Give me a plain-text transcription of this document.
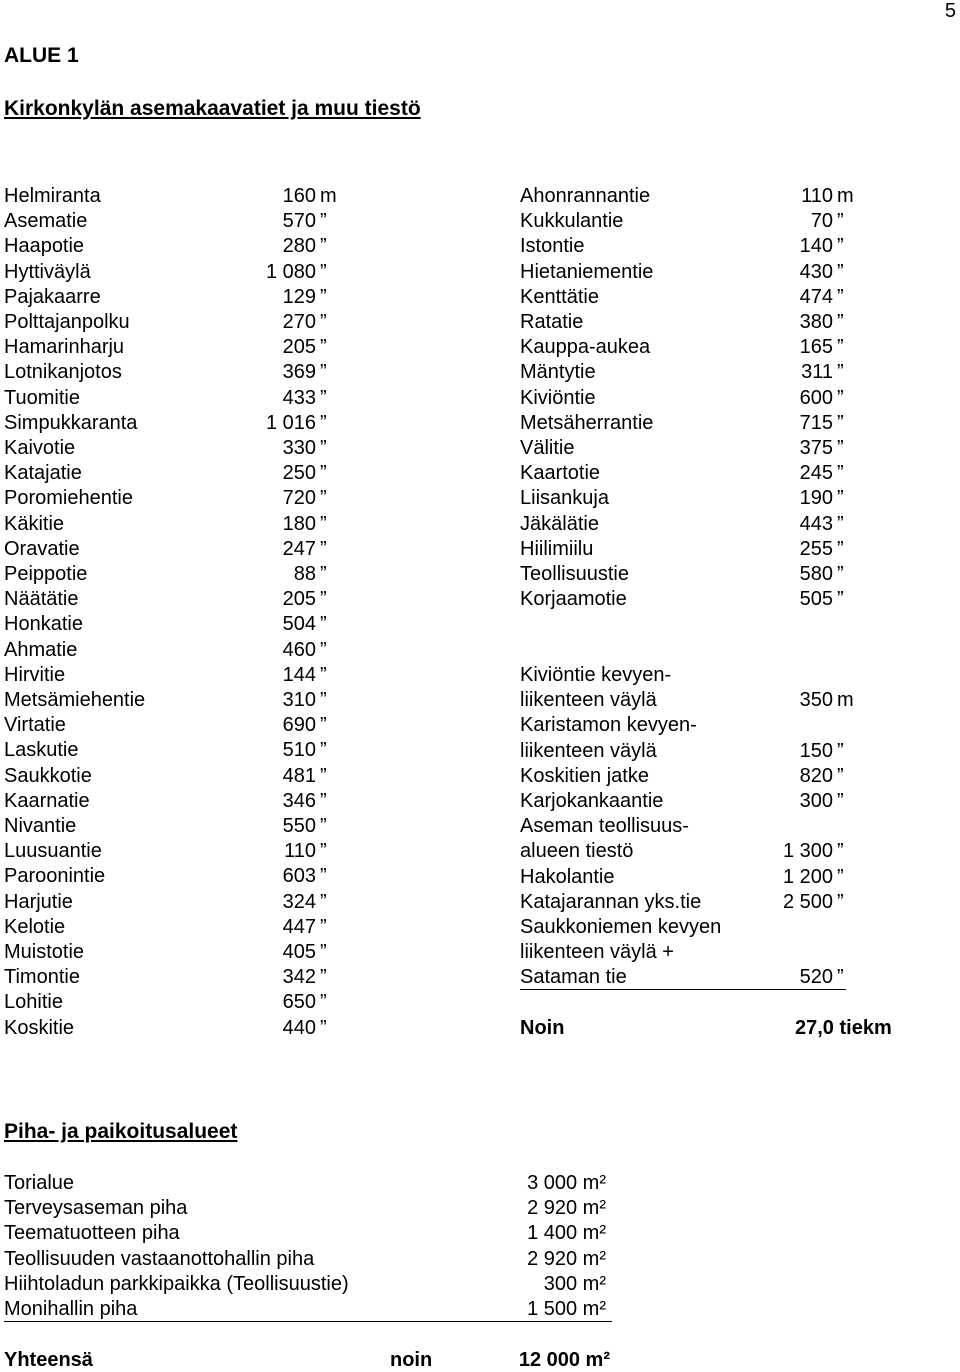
5
ALUE 1
Kirkonkylän asemakaavatiet ja muu tiestö
Helmiranta	160 m
Asematie	570 ”
Haapotie	280 ”
Hyttiväylä	1 080 ”
Pajakaarre	129 ”
Polttajanpolku	270 ”
Hamarinharju	205 ”
Lotnikanjotos	369 ”
Tuomitie	433 ”
Simpukkaranta	1 016 ”
Kaivotie	330 ”
Katajatie	250 ”
Poromiehentie	720 ”
Käkitie	180 ”
Oravatie	247 ”
Peippotie	88 ”
Näätätie	205 ”
Honkatie	504 ”
Ahmatie	460 ”
Hirvitie	144 ”
Metsämiehentie	310 ”
Virtatie	690 ”
Laskutie	510 ”
Saukkotie	481 ”
Kaarnatie	346 ”
Nivantie	550 ”
Luusuantie	110 ”
Paroonintie	603 ”
Harjutie	324 ”
Kelotie	447 ”
Muistotie	405 ”
Timontie	342 ”
Lohitie	650 ”
Koskitie	440 ”
Ahonrannantie	110 m
Kukkulantie	70 ”
Istontie	140 ”
Hietaniementie	430 ”
Kenttätie	474 ”
Ratatie	380 ”
Kauppa-aukea	165 ”
Mäntytie	311 ”
Kiviöntie	600 ”
Metsäherrantie	715 ”
Välitie	375 ”
Kaartotie	245 ”
Liisankuja	190 ”
Jäkälätie	443 ”
Hiilimiilu	255 ”
Teollisuustie	580 ”
Korjaamotie	505 ”
Kiviöntie kevyen-
liikenteen väylä	350 m
Karistamon kevyen-
liikenteen väylä	150 ”
Koskitien jatke	820 ”
Karjokankaantie	300 ”
Aseman teollisuus-
alueen tiestö	1 300 ”
Hakolantie	1 200 ”
Katajarannan yks.tie	2 500 ”
Saukkoniemen kevyen
liikenteen väylä +
Sataman tie	520 ”
Noin	27,0 tiekm
Piha- ja paikoitusalueet
Torialue	3 000 m²
Terveysaseman piha	2 920 m²
Teematuotteen piha	1 400 m²
Teollisuuden vastaanottohallin piha	2 920 m²
Hiihtoladun parkkipaikka (Teollisuustie)	300 m²
Monihallin piha	1 500 m²
Yhteensä	noin	12 000 m²
